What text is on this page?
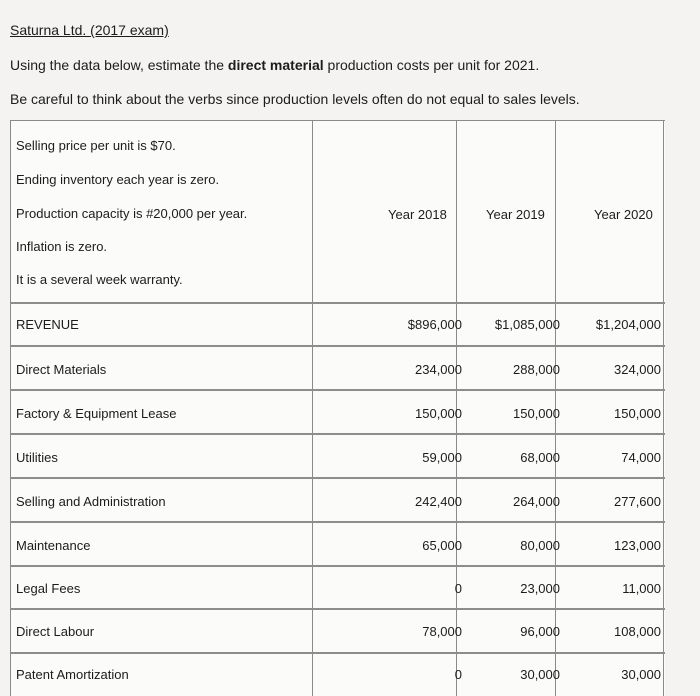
Saturna Ltd. (2017 exam)
Using the data below, estimate the direct material production costs per unit for 2021.
Be careful to think about the verbs since production levels often do not equal to sales levels.
Selling price per unit is $70.
Ending inventory each year is zero.
Production capacity is #20,000 per year.
Inflation is zero.
It is a several week warranty.
Year 2018	Year 2019	Year 2020
REVENUE	$896,000	$1,085,000	$1,204,000
Direct Materials	234,000	288,000	324,000
Factory & Equipment Lease	150,000	150,000	150,000
Utilities	59,000	68,000	74,000
Selling and Administration	242,400	264,000	277,600
Maintenance	65,000	80,000	123,000
Legal Fees	0	23,000	11,000
Direct Labour	78,000	96,000	108,000
Patent Amortization	0	30,000	30,000
